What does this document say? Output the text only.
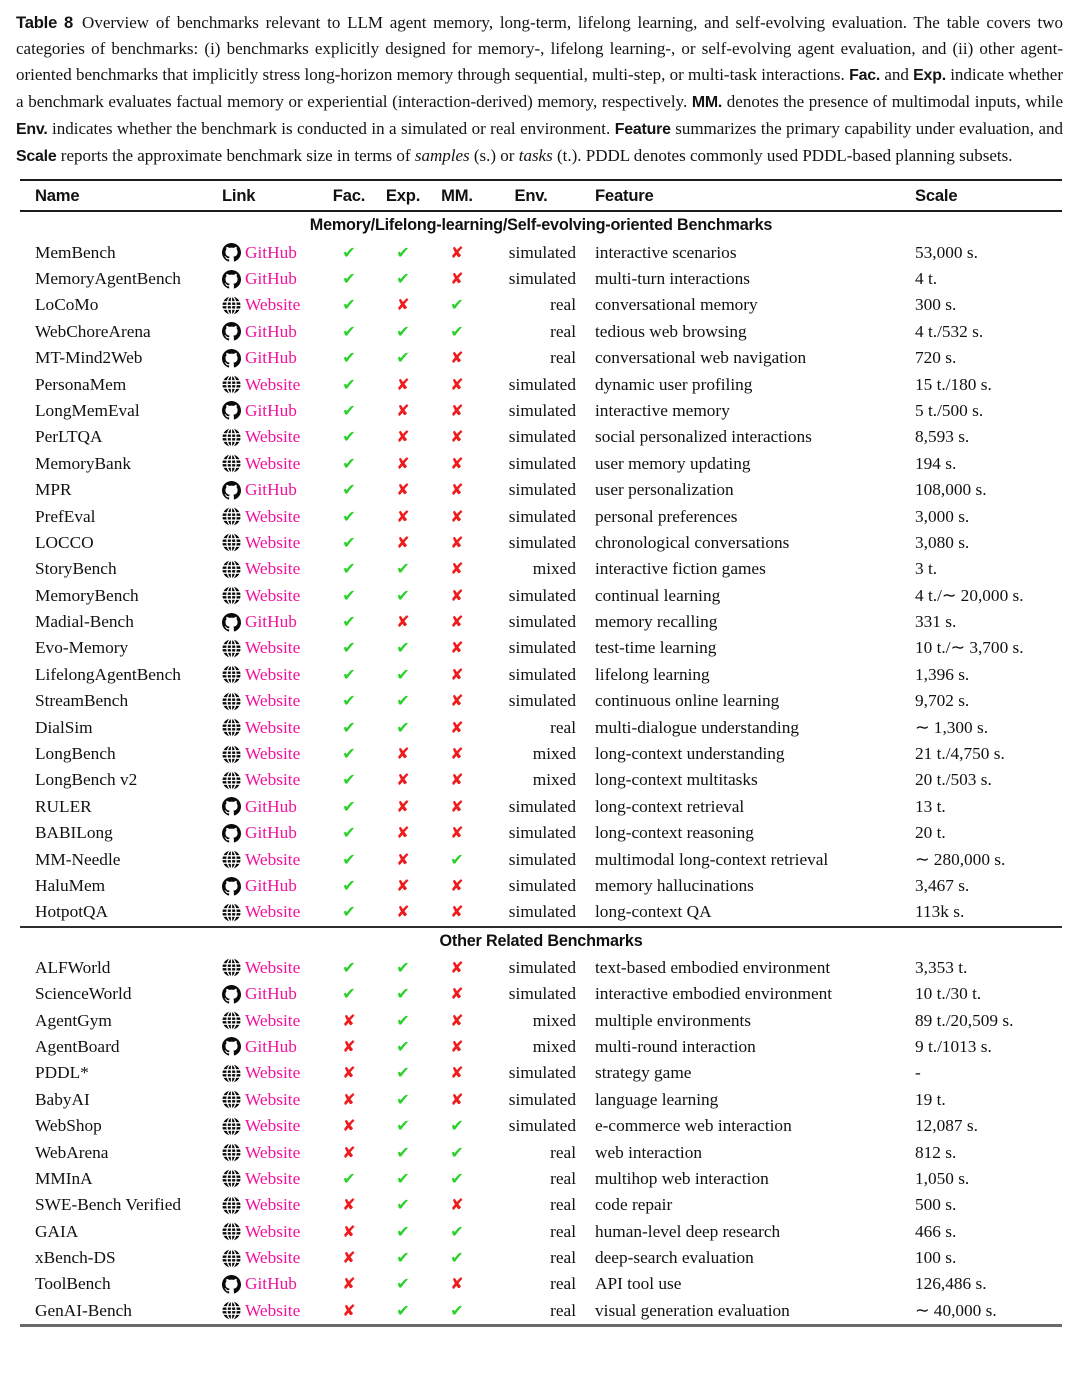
Table 8 Overview of benchmarks relevant to LLM agent memory, long-term, lifelong learning, and self-evolving evaluation. The table covers two categories of benchmarks: (i) benchmarks explicitly designed for memory-, lifelong learning-, or self-evolving agent evaluation, and (ii) other agent-oriented benchmarks that implicitly stress long-horizon memory through sequential, multi-step, or multi-task interactions. Fac. and Exp. indicate whether a benchmark evaluates factual memory or experiential (interaction-derived) memory, respectively. MM. denotes the presence of multimodal inputs, while Env. indicates whether the benchmark is conducted in a simulated or real environment. Feature summarizes the primary capability under evaluation, and Scale reports the approximate benchmark size in terms of samples (s.) or tasks (t.). PDDL denotes commonly used PDDL-based planning subsets.

Name	Link	Fac.	Exp.	MM.	Env.	Feature	Scale
Memory/Lifelong-learning/Self-evolving-oriented Benchmarks
MemBench	GitHub	✔	✔	✘	simulated	interactive scenarios	53,000 s.
MemoryAgentBench	GitHub	✔	✔	✘	simulated	multi-turn interactions	4 t.
LoCoMo	Website	✔	✘	✔	real	conversational memory	300 s.
WebChoreArena	GitHub	✔	✔	✔	real	tedious web browsing	4 t./532 s.
MT-Mind2Web	GitHub	✔	✔	✘	real	conversational web navigation	720 s.
PersonaMem	Website	✔	✘	✘	simulated	dynamic user profiling	15 t./180 s.
LongMemEval	GitHub	✔	✘	✘	simulated	interactive memory	5 t./500 s.
PerLTQA	Website	✔	✘	✘	simulated	social personalized interactions	8,593 s.
MemoryBank	Website	✔	✘	✘	simulated	user memory updating	194 s.
MPR	GitHub	✔	✘	✘	simulated	user personalization	108,000 s.
PrefEval	Website	✔	✘	✘	simulated	personal preferences	3,000 s.
LOCCO	Website	✔	✘	✘	simulated	chronological conversations	3,080 s.
StoryBench	Website	✔	✔	✘	mixed	interactive fiction games	3 t.
MemoryBench	Website	✔	✔	✘	simulated	continual learning	4 t./∼ 20,000 s.
Madial-Bench	GitHub	✔	✘	✘	simulated	memory recalling	331 s.
Evo-Memory	Website	✔	✔	✘	simulated	test-time learning	10 t./∼ 3,700 s.
LifelongAgentBench	Website	✔	✔	✘	simulated	lifelong learning	1,396 s.
StreamBench	Website	✔	✔	✘	simulated	continuous online learning	9,702 s.
DialSim	Website	✔	✔	✘	real	multi-dialogue understanding	∼ 1,300 s.
LongBench	Website	✔	✘	✘	mixed	long-context understanding	21 t./4,750 s.
LongBench v2	Website	✔	✘	✘	mixed	long-context multitasks	20 t./503 s.
RULER	GitHub	✔	✘	✘	simulated	long-context retrieval	13 t.
BABILong	GitHub	✔	✘	✘	simulated	long-context reasoning	20 t.
MM-Needle	Website	✔	✘	✔	simulated	multimodal long-context retrieval	∼ 280,000 s.
HaluMem	GitHub	✔	✘	✘	simulated	memory hallucinations	3,467 s.
HotpotQA	Website	✔	✘	✘	simulated	long-context QA	113k s.
Other Related Benchmarks
ALFWorld	Website	✔	✔	✘	simulated	text-based embodied environment	3,353 t.
ScienceWorld	GitHub	✔	✔	✘	simulated	interactive embodied environment	10 t./30 t.
AgentGym	Website	✘	✔	✘	mixed	multiple environments	89 t./20,509 s.
AgentBoard	GitHub	✘	✔	✘	mixed	multi-round interaction	9 t./1013 s.
PDDL*	Website	✘	✔	✘	simulated	strategy game	-
BabyAI	Website	✘	✔	✘	simulated	language learning	19 t.
WebShop	Website	✘	✔	✔	simulated	e-commerce web interaction	12,087 s.
WebArena	Website	✘	✔	✔	real	web interaction	812 s.
MMInA	Website	✔	✔	✔	real	multihop web interaction	1,050 s.
SWE-Bench Verified	Website	✘	✔	✘	real	code repair	500 s.
GAIA	Website	✘	✔	✔	real	human-level deep research	466 s.
xBench-DS	Website	✘	✔	✔	real	deep-search evaluation	100 s.
ToolBench	GitHub	✘	✔	✘	real	API tool use	126,486 s.
GenAI-Bench	Website	✘	✔	✔	real	visual generation evaluation	∼ 40,000 s.
